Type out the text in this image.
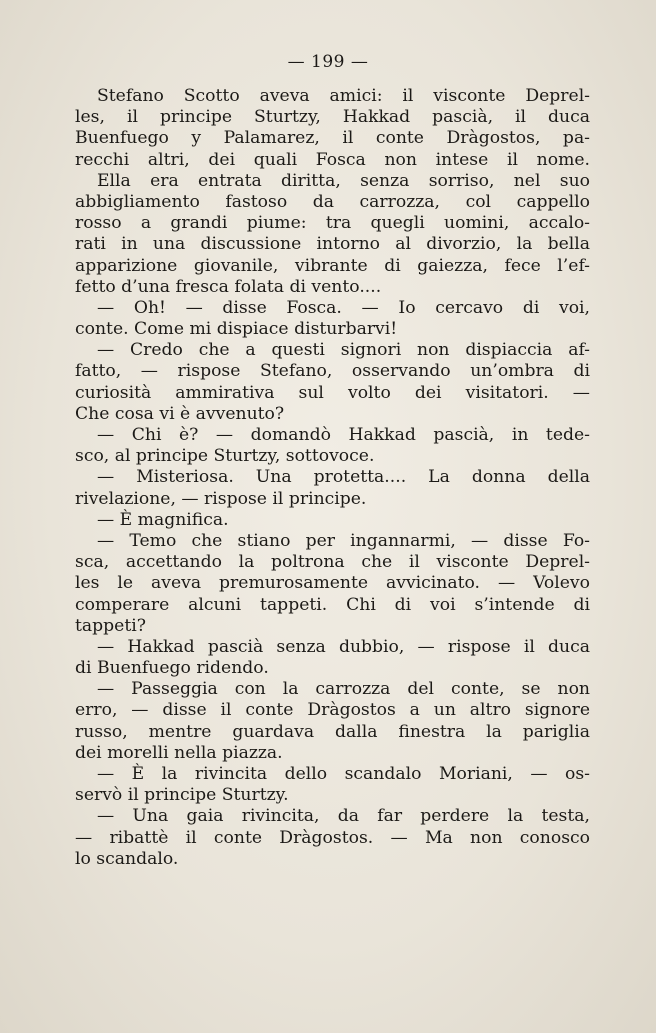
— 199 —
Stefano Scotto aveva amici: il visconte Deprel-
les, il principe Sturtzy, Hakkad pascià, il duca
Buenfuego y Palamarez, il conte Dràgostos, pa-
recchi altri, dei quali Fosca non intese il nome.
Ella era entrata diritta, senza sorriso, nel suo
abbigliamento fastoso da carrozza, col cappello
rosso a grandi piume: tra quegli uomini, accalo-
rati in una discussione intorno al divorzio, la bella
apparizione giovanile, vibrante di gaiezza, fece l’ef-
fetto d’una fresca folata di vento....
— Oh! — disse Fosca. — Io cercavo di voi,
conte. Come mi dispiace disturbarvi!
— Credo che a questi signori non dispiaccia af-
fatto, — rispose Stefano, osservando un’ombra di
curiosità ammirativa sul volto dei visitatori. —
Che cosa vi è avvenuto?
— Chi è? — domandò Hakkad pascià, in tede-
sco, al principe Sturtzy, sottovoce.
— Misteriosa. Una protetta.... La donna della
rivelazione, — rispose il principe.
— È magnifica.
— Temo che stiano per ingannarmi, — disse Fo-
sca, accettando la poltrona che il visconte Deprel-
les le aveva premurosamente avvicinato. — Volevo
comperare alcuni tappeti. Chi di voi s’intende di
tappeti?
— Hakkad pascià senza dubbio, — rispose il duca
di Buenfuego ridendo.
— Passeggia con la carrozza del conte, se non
erro, — disse il conte Dràgostos a un altro signore
russo, mentre guardava dalla finestra la pariglia
dei morelli nella piazza.
— È la rivincita dello scandalo Moriani, — os-
servò il principe Sturtzy.
— Una gaia rivincita, da far perdere la testa,
— ribattè il conte Dràgostos. — Ma non conosco
lo scandalo.
